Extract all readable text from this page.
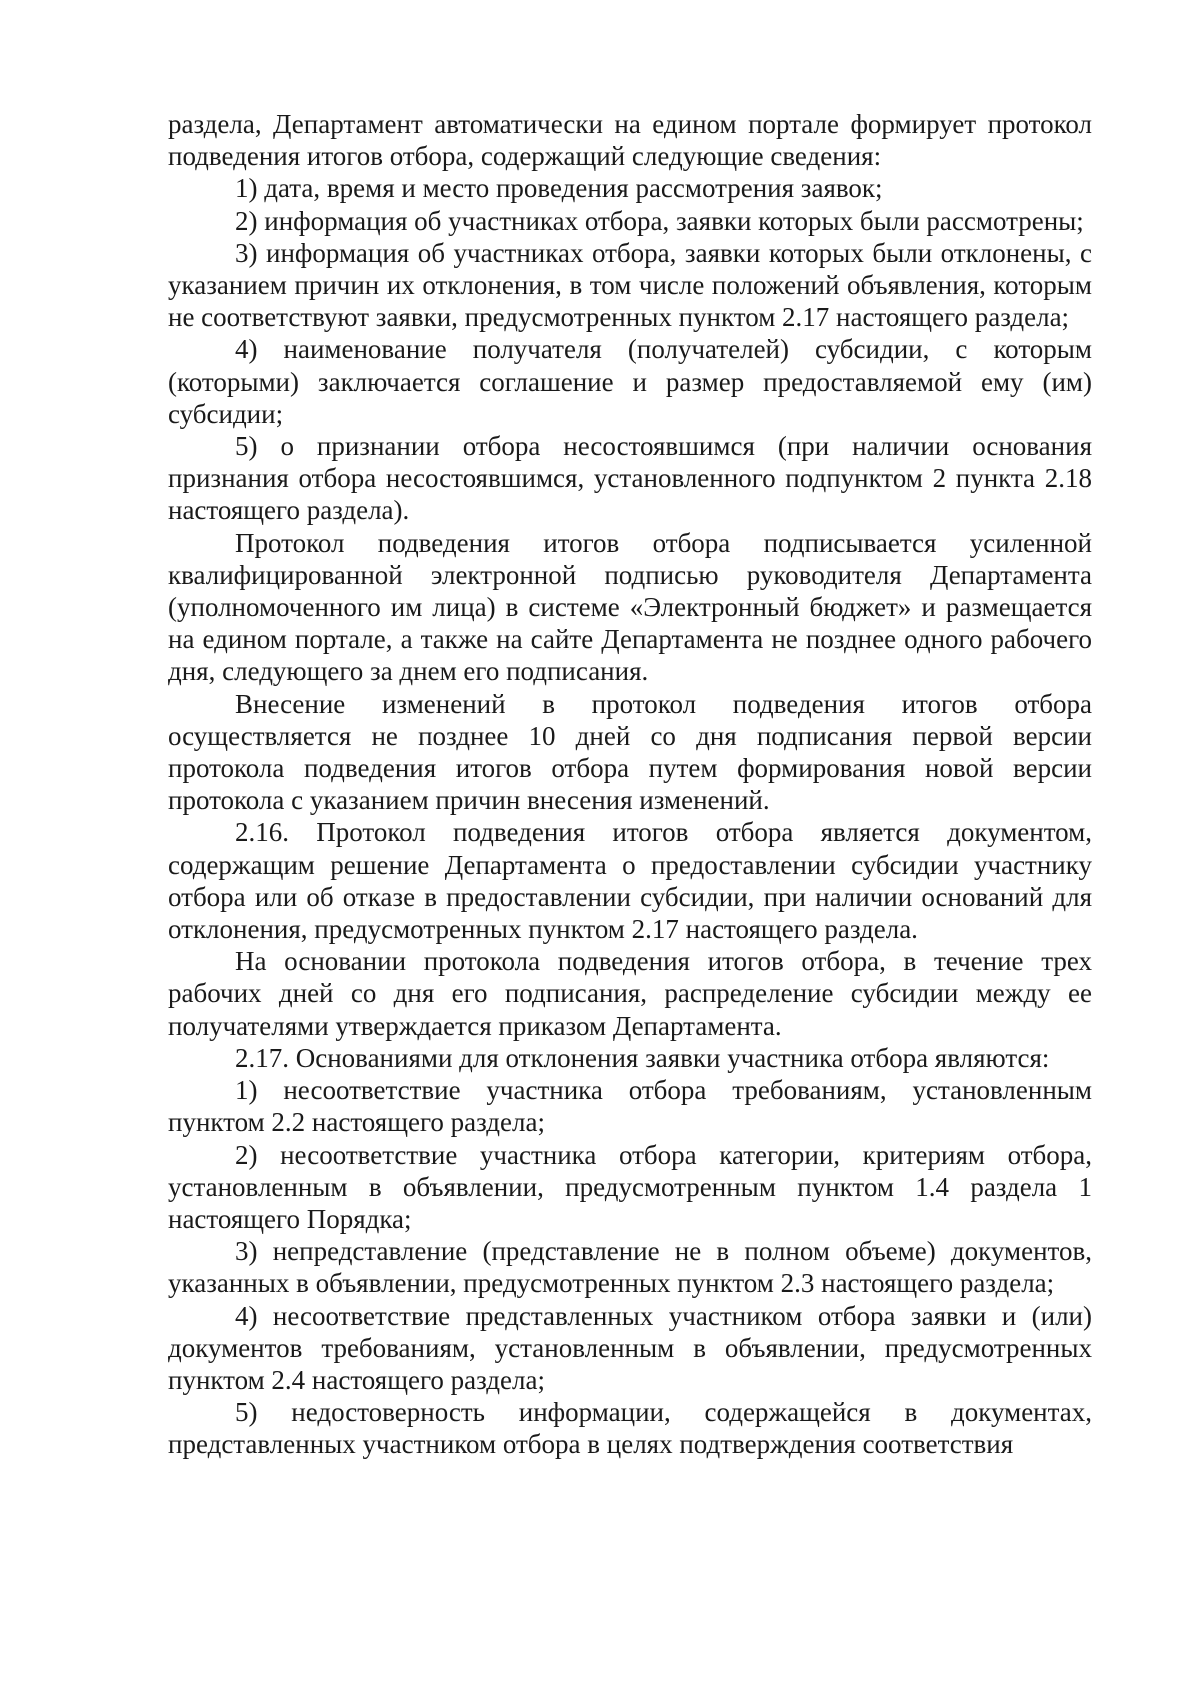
раздела, Департамент автоматически на едином портале формирует протокол подведения итогов отбора, содержащий следующие сведения:

1) дата, время и место проведения рассмотрения заявок;

2) информация об участниках отбора, заявки которых были рассмотрены;

3) информация об участниках отбора, заявки которых были отклонены, с указанием причин их отклонения, в том числе положений объявления, которым не соответствуют заявки, предусмотренных пунктом 2.17 настоящего раздела;

4) наименование получателя (получателей) субсидии, с которым (которыми) заключается соглашение и размер предоставляемой ему (им) субсидии;

5) о признании отбора несостоявшимся (при наличии основания признания отбора несостоявшимся, установленного подпунктом 2 пункта 2.18 настоящего раздела).

Протокол подведения итогов отбора подписывается усиленной квалифицированной электронной подписью руководителя Департамента (уполномоченного им лица) в системе «Электронный бюджет» и размещается на едином портале, а также на сайте Департамента не позднее одного рабочего дня, следующего за днем его подписания.

Внесение изменений в протокол подведения итогов отбора осуществляется не позднее 10 дней со дня подписания первой версии протокола подведения итогов отбора путем формирования новой версии протокола с указанием причин внесения изменений.

2.16. Протокол подведения итогов отбора является документом, содержащим решение Департамента о предоставлении субсидии участнику отбора или об отказе в предоставлении субсидии, при наличии оснований для отклонения, предусмотренных пунктом 2.17 настоящего раздела.

На основании протокола подведения итогов отбора, в течение трех рабочих дней со дня его подписания, распределение субсидии между ее получателями утверждается приказом Департамента.

2.17. Основаниями для отклонения заявки участника отбора являются:

1) несоответствие участника отбора требованиям, установленным пунктом 2.2 настоящего раздела;

2) несоответствие участника отбора категории, критериям отбора, установленным в объявлении, предусмотренным пунктом 1.4 раздела 1 настоящего Порядка;

3) непредставление (представление не в полном объеме) документов, указанных в объявлении, предусмотренных пунктом 2.3 настоящего раздела;

4) несоответствие представленных участником отбора заявки и (или) документов требованиям, установленным в объявлении, предусмотренных пунктом 2.4 настоящего раздела;

5) недостоверность информации, содержащейся в документах, представленных участником отбора в целях подтверждения соответствия
